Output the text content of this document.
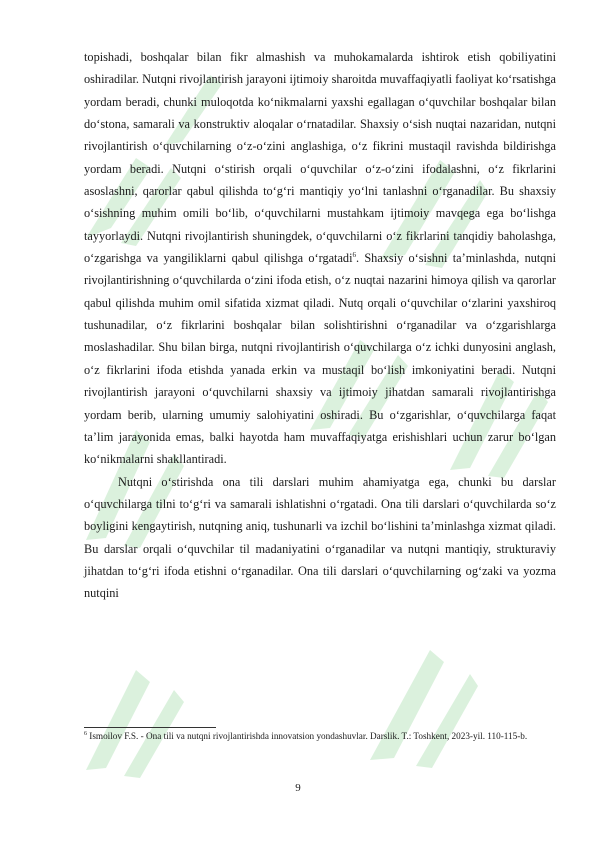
topishadi, boshqalar bilan fikr almashish va muhokamalarda ishtirok etish qobiliyatini oshiradilar. Nutqni rivojlantirish jarayoni ijtimoiy sharoitda muvaffaqiyatli faoliyat ko‘rsatishga yordam beradi, chunki muloqotda ko‘nikmalarni yaxshi egallagan o‘quvchilar boshqalar bilan do‘stona, samarali va konstruktiv aloqalar o‘rnatadilar. Shaxsiy o‘sish nuqtai nazaridan, nutqni rivojlantirish o‘quvchilarning o‘z-o‘zini anglashiga, o‘z fikrini mustaqil ravishda bildirishga yordam beradi. Nutqni o‘stirish orqali o‘quvchilar o‘z-o‘zini ifodalashni, o‘z fikrlarini asoslashni, qarorlar qabul qilishda to‘g‘ri mantiqiy yo‘lni tanlashni o‘rganadilar. Bu shaxsiy o‘sishning muhim omili bo‘lib, o‘quvchilarni mustahkam ijtimoiy mavqega ega bo‘lishga tayyorlaydi. Nutqni rivojlantirish shuningdek, o‘quvchilarni o‘z fikrlarini tanqidiy baholashga, o‘zgarishga va yangiliklarni qabul qilishga o‘rgatadi$^6$. Shaxsiy o‘sishni ta’minlashda, nutqni rivojlantirishning o‘quvchilarda o‘zini ifoda etish, o‘z nuqtai nazarini himoya qilish va qarorlar qabul qilishda muhim omil sifatida xizmat qiladi. Nutq orqali o‘quvchilar o‘zlarini yaxshiroq tushunadilar, o‘z fikrlarini boshqalar bilan solishtirishni o‘rganadilar va o‘zgarishlarga moslashadilar. Shu bilan birga, nutqni rivojlantirish o‘quvchilarga o‘z ichki dunyosini anglash, o‘z fikrlarini ifoda etishda yanada erkin va mustaqil bo‘lish imkoniyatini beradi. Nutqni rivojlantirish jarayoni o‘quvchilarni shaxsiy va ijtimoiy jihatdan samarali rivojlantirishga yordam berib, ularning umumiy salohiyatini oshiradi. Bu o‘zgarishlar, o‘quvchilarga faqat ta’lim jarayonida emas, balki hayotda ham muvaffaqiyatga erishishlari uchun zarur bo‘lgan ko‘nikmalarni shakllantiradi.

Nutqni o‘stirishda ona tili darslari muhim ahamiyatga ega, chunki bu darslar o‘quvchilarga tilni to‘g‘ri va samarali ishlatishni o‘rgatadi. Ona tili darslari o‘quvchilarda so‘z boyligini kengaytirish, nutqning aniq, tushunarli va izchil bo‘lishini ta’minlashga xizmat qiladi. Bu darslar orqali o‘quvchilar til madaniyatini o‘rganadilar va nutqni mantiqiy, strukturaviy jihatdan to‘g‘ri ifoda etishni o‘rganadilar. Ona tili darslari o‘quvchilarning og‘zaki va yozma nutqini

$^6$ Ismoilov F.S. - Ona tili va nutqni rivojlantirishda innovatsion yondashuvlar. Darslik. T.: Toshkent, 2023-yil. 110-115-b.
9
